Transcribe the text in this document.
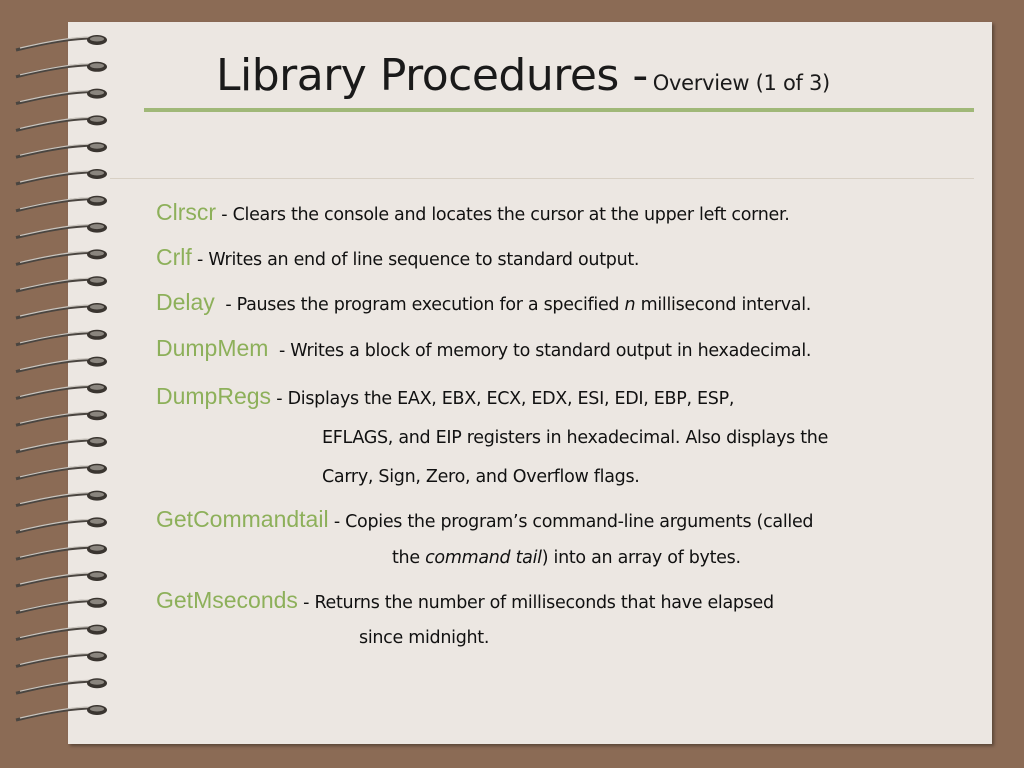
Library Procedures - Overview (1 of 3)
Clrscr - Clears the console and locates the cursor at the upper left corner.
Crlf - Writes an end of line sequence to standard output.
Delay  - Pauses the program execution for a specified n millisecond interval.
DumpMem  - Writes a block of memory to standard output in hexadecimal.
DumpRegs - Displays the EAX, EBX, ECX, EDX, ESI, EDI, EBP, ESP,
EFLAGS, and EIP registers in hexadecimal. Also displays the
Carry, Sign, Zero, and Overflow flags.
GetCommandtail - Copies the program’s command-line arguments (called
the command tail) into an array of bytes.
GetMseconds - Returns the number of milliseconds that have elapsed
since midnight.
